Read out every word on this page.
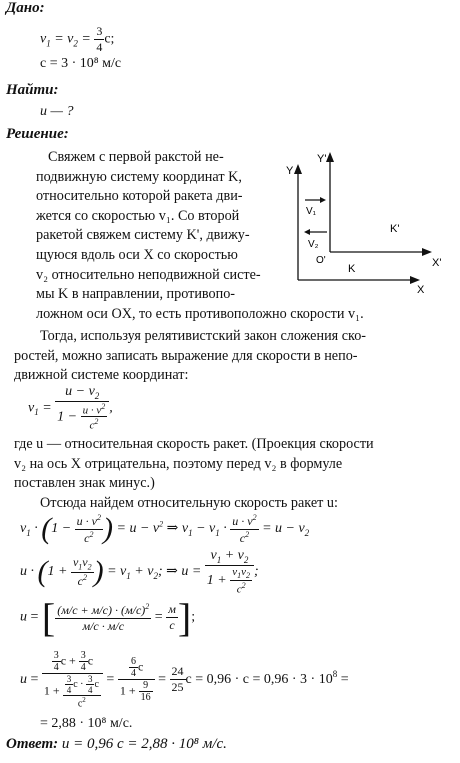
Дано:
$v_1 = v_2 = \frac{3}{4} с$;
c = 3 · 10⁸ м/с
Найти:
u — ?
Решение:
Свяжем с первой ракстой не-
подвижную систему координат K,
относительно которой ракета дви-
жется со скоростью v₁. Со второй
ракетой свяжем систему K', движу-
щуюся вдоль оси X со скоростью
v₂ относительно неподвижной систе-
мы K в направлении, противопо-
ложном оси OX, то есть противоположно скорости v₁.
Y
Y'
X
X'
O'
K
K'
V₁
V₂
Тогда, используя релятивистский закон сложения ско-
ростей, можно записать выражение для скорости в непо-
движной системе координат:
$v_1 = \frac{u - v_2}{1 - \frac{u \cdot v^2}{c^2}}$ ,
где u — относительная скорость ракет. (Проекция скорости
v₂ на ось X отрицательна, поэтому перед v₂ в формуле
поставлен знак минус.)
Отсюда найдем относительную скорость ракет u:
$v_1 \cdot (1 - \frac{u \cdot v^2}{c^2}$ ) = $u - v^2$ ⇒ $v_1 - v_1 \cdot \frac{u \cdot v^2}{c^2} = u - v_2$
$u \cdot (1 + \frac{v_1v_2}{c^2}$ ) = $v_1 + v_2$; ⇒ $u = \frac{v_1 + v_2}{1 + \frac{v_1v_2}{c^2}}$ ;
u = [ $\frac{(м/с + м/с) \cdot (м/с)^2}{м/с \cdot м/с} = \frac{м}{с}$ ];
$u = \frac{\frac{3}{4} c + \frac{3}{4} c}{1 + \frac{\frac{3}{4} c \cdot \frac{3}{4} c}{c^2}} = \frac{\frac{6}{4} c}{1 + \frac{9}{16}} = \frac{24}{25}$ $c = 0,96 \cdot c = 0,96 \cdot 3 \cdot 10^8$ =
= 2,88 · 10⁸ м/с.
Ответ: u = 0,96 c = 2,88 · 10⁸ м/с.
